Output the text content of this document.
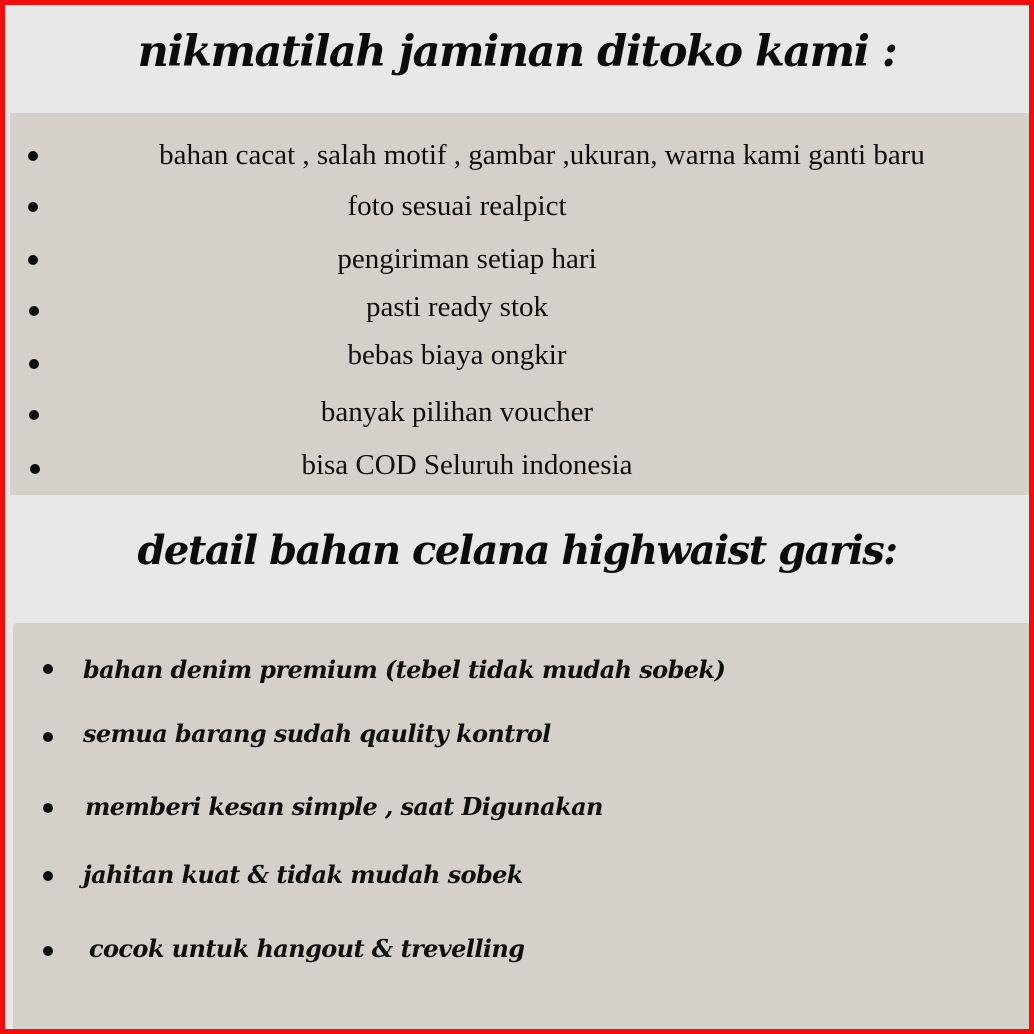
nikmatilah jaminan ditoko kami :
bahan cacat , salah motif , gambar ,ukuran, warna kami ganti baru
foto sesuai realpict
pengiriman setiap hari
pasti ready stok
bebas biaya ongkir
banyak pilihan voucher
bisa COD Seluruh indonesia
detail bahan celana highwaist garis:
bahan denim premium (tebel tidak mudah sobek)
semua barang sudah qaulity kontrol
memberi kesan simple , saat Digunakan
jahitan kuat & tidak mudah sobek
cocok untuk hangout & trevelling
